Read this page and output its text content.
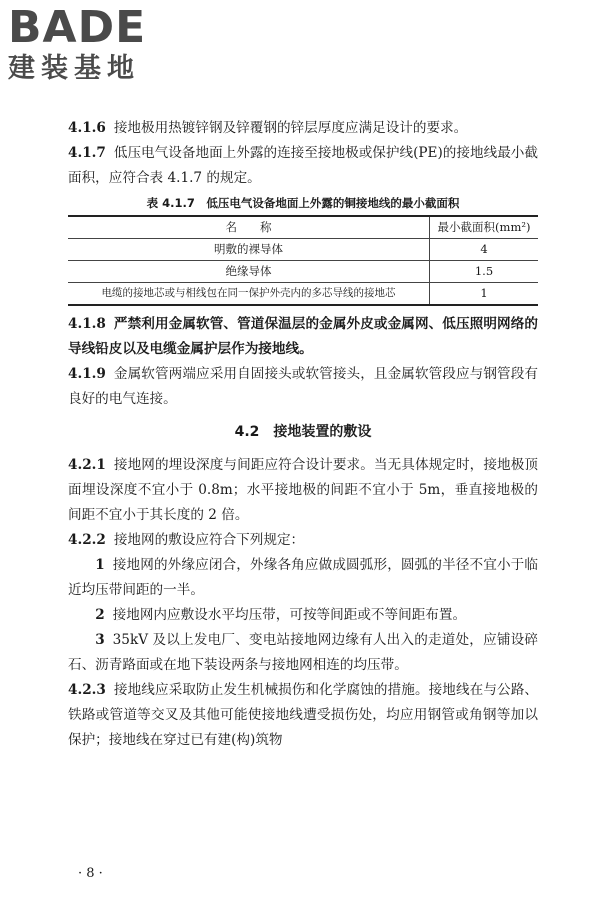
BADE
建装基地

4.1.6 接地极用热镀锌钢及锌覆钢的锌层厚度应满足设计的要求。

4.1.7 低压电气设备地面上外露的连接至接地极或保护线(PE)的接地线最小截面积，应符合表 4.1.7 的规定。

表 4.1.7　低压电气设备地面上外露的铜接地线的最小截面积
名　　称	最小截面积(mm²)
明敷的裸导体	4
绝缘导体	1.5
电缆的接地芯或与相线包在同一保护外壳内的多芯导线的接地芯	1

4.1.8 严禁利用金属软管、管道保温层的金属外皮或金属网、低压照明网络的导线铅皮以及电缆金属护层作为接地线。

4.1.9 金属软管两端应采用自固接头或软管接头，且金属软管段应与钢管段有良好的电气连接。

4.2 接地装置的敷设

4.2.1 接地网的埋设深度与间距应符合设计要求。当无具体规定时，接地极顶面埋设深度不宜小于 0.8m；水平接地极的间距不宜小于 5m，垂直接地极的间距不宜小于其长度的 2 倍。

4.2.2 接地网的敷设应符合下列规定：

1 接地网的外缘应闭合，外缘各角应做成圆弧形，圆弧的半径不宜小于临近均压带间距的一半。

2 接地网内应敷设水平均压带，可按等间距或不等间距布置。

3 35kV 及以上发电厂、变电站接地网边缘有人出入的走道处，应铺设碎石、沥青路面或在地下装设两条与接地网相连的均压带。

4.2.3 接地线应采取防止发生机械损伤和化学腐蚀的措施。接地线在与公路、铁路或管道等交叉及其他可能使接地线遭受损伤处，均应用钢管或角钢等加以保护；接地线在穿过已有建(构)筑物

· 8 ·
